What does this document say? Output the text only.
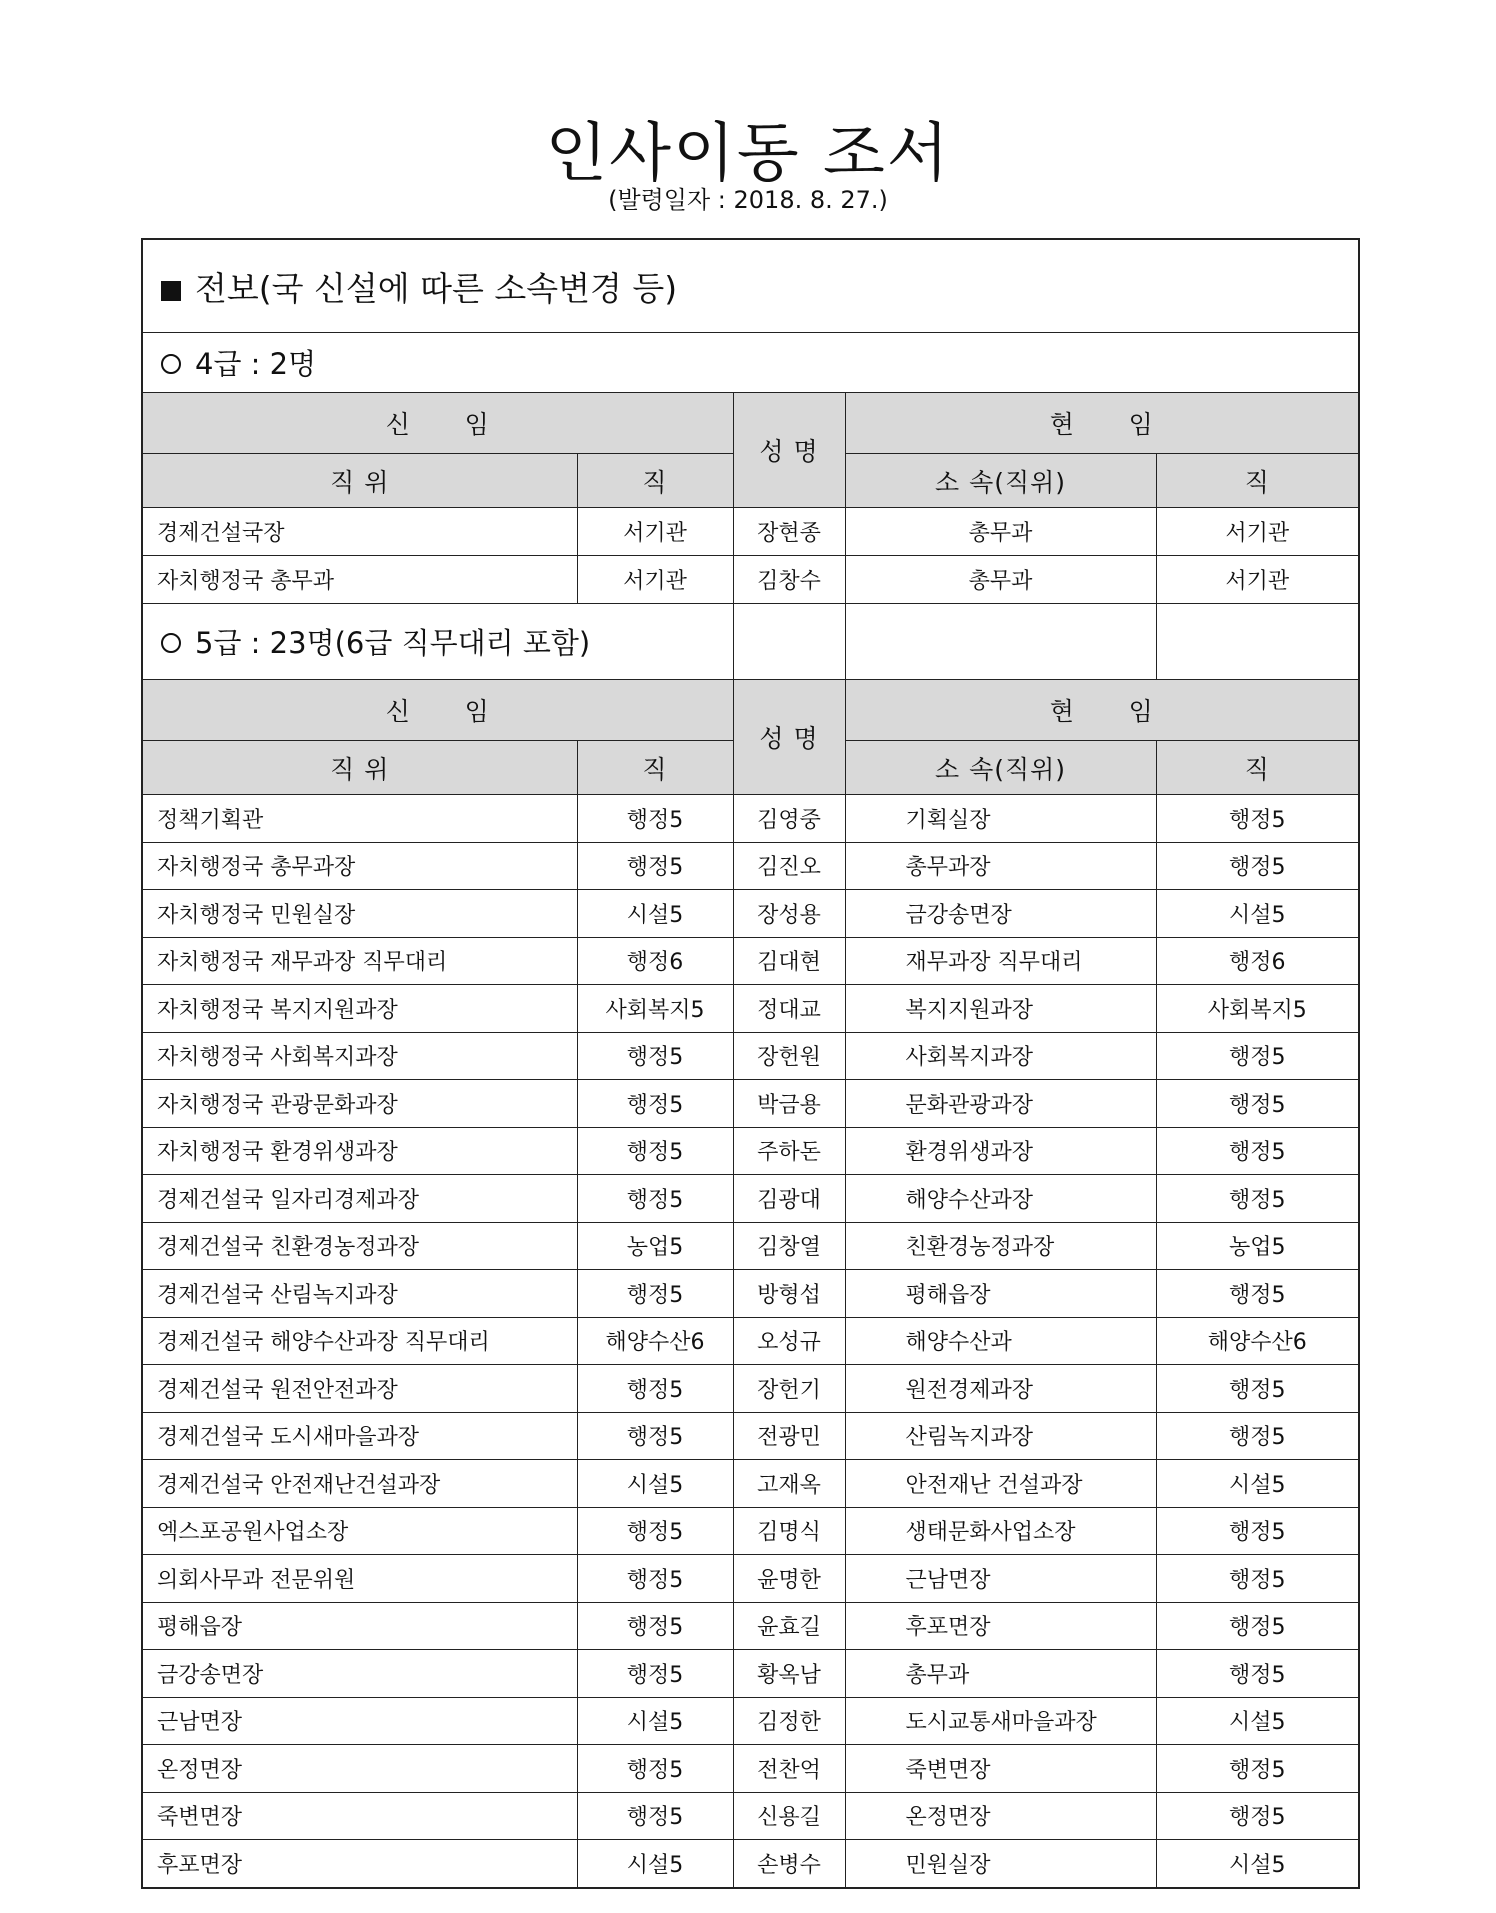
인사이동 조서
(발령일자 : 2018. 8. 27.)
전보(국 신설에 따른 소속변경 등)				
4급 : 2명				
신      임		성 명	현      임	
직 위	직		소 속(직위)	직
경제건설국장	서기관	장현종	총무과	서기관
자치행정국 총무과	서기관	김창수	총무과	서기관
5급 : 23명(6급 직무대리 포함)				
신      임		성 명	현      임	
직 위	직		소 속(직위)	직
정책기획관	행정5	김영중	기획실장	행정5
자치행정국 총무과장	행정5	김진오	총무과장	행정5
자치행정국 민원실장	시설5	장성용	금강송면장	시설5
자치행정국 재무과장 직무대리	행정6	김대현	재무과장 직무대리	행정6
자치행정국 복지지원과장	사회복지5	정대교	복지지원과장	사회복지5
자치행정국 사회복지과장	행정5	장헌원	사회복지과장	행정5
자치행정국 관광문화과장	행정5	박금용	문화관광과장	행정5
자치행정국 환경위생과장	행정5	주하돈	환경위생과장	행정5
경제건설국 일자리경제과장	행정5	김광대	해양수산과장	행정5
경제건설국 친환경농정과장	농업5	김창열	친환경농정과장	농업5
경제건설국 산림녹지과장	행정5	방형섭	평해읍장	행정5
경제건설국 해양수산과장 직무대리	해양수산6	오성규	해양수산과	해양수산6
경제건설국 원전안전과장	행정5	장헌기	원전경제과장	행정5
경제건설국 도시새마을과장	행정5	전광민	산림녹지과장	행정5
경제건설국 안전재난건설과장	시설5	고재옥	안전재난 건설과장	시설5
엑스포공원사업소장	행정5	김명식	생태문화사업소장	행정5
의회사무과 전문위원	행정5	윤명한	근남면장	행정5
평해읍장	행정5	윤효길	후포면장	행정5
금강송면장	행정5	황옥남	총무과	행정5
근남면장	시설5	김정한	도시교통새마을과장	시설5
온정면장	행정5	전찬억	죽변면장	행정5
죽변면장	행정5	신용길	온정면장	행정5
후포면장	시설5	손병수	민원실장	시설5
